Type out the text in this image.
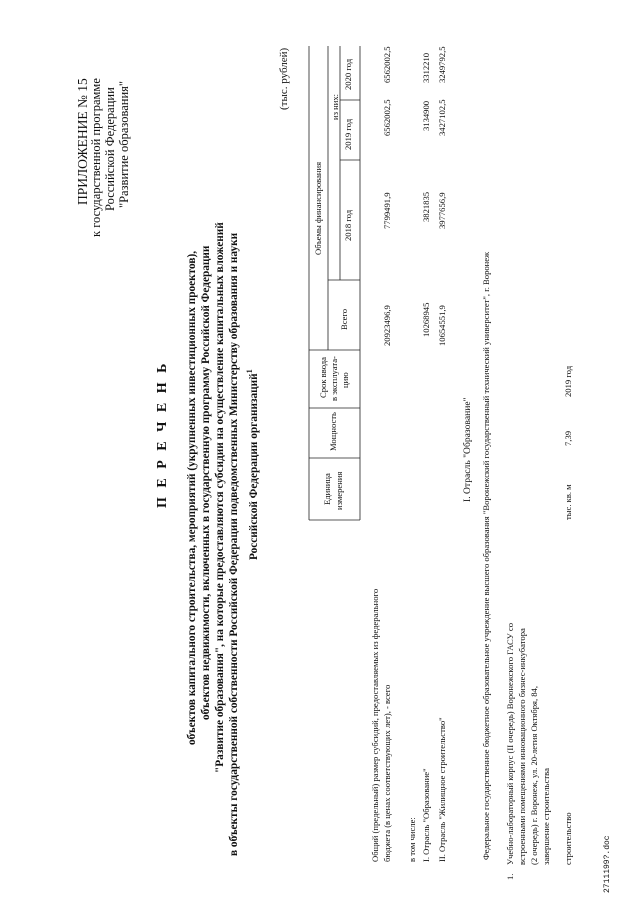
ПРИЛОЖЕНИЕ № 15 к государственной программе Российской Федерации "Развитие образования"
(тыс. рублей)
П Е Р Е Ч Е Н Ь объектов капитального строительства, мероприятий (укрупненных инвестиционных проектов), объектов недвижимости, включенных в государственную программу Российской Федерации "Развитие образования", на которые предоставляются субсидии на осуществление капитальных вложений в объекты государственной собственности Российской Федерации подведомственных Министерству образования и науки Российской Федерации организаций$^1$
Единица измерения
Мощность
Срок ввода в эксплуата- цию
Объемы финансирования
Всего
из них:
2018 год
2019 год
2020 год
Общий (предельный) размер субсидий, предоставляемых из федерального бюджета (в ценах соответствующих лет), - всего
20923496,9
7799491,9
6562002,5
6562002,5
в том числе: I. Отрасль "Образование"
10268945
3821835
3134900
3312210
II. Отрасль "Жилищное строительство"
10654551,9
3977656,9
3427102,5
3249792,5
I. Отрасль "Образование" Федеральное государственное бюджетное образовательное учреждение высшего образования "Воронежский государственный технический университет", г. Воронеж
1.
Учебно-лабораторный корпус (II очередь) Воронежского ГАСУ со встроенными помещениями инновационного бизнес-инкубатора (2 очередь) г. Воронеж, ул. 20-летия Октября, 84, завершение строительства строительство
тыс. кв. м
7,39
2019 год
2711199?.doc
